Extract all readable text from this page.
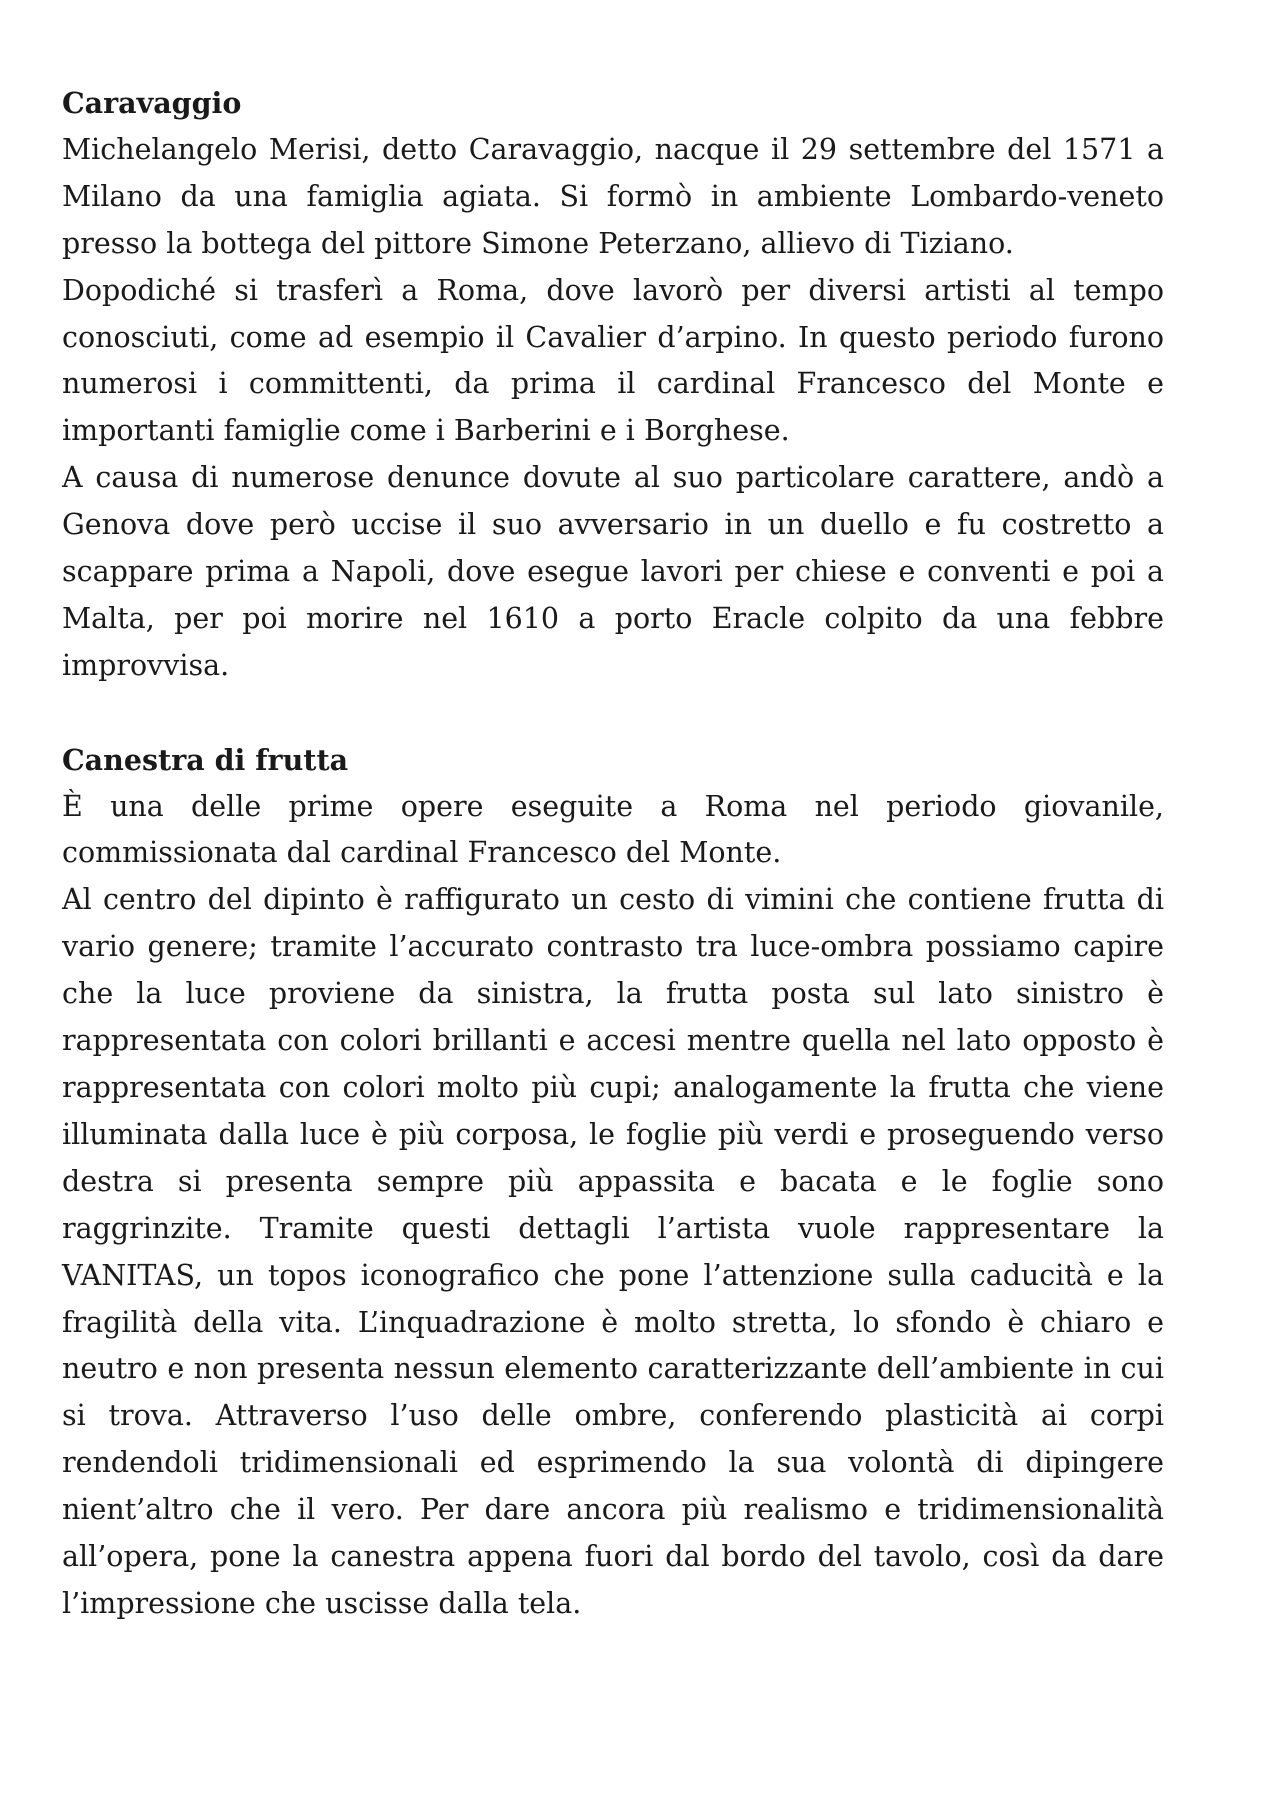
Caravaggio

Michelangelo Merisi, detto Caravaggio, nacque il 29 settembre del 1571 a Milano da una famiglia agiata. Si formò in ambiente Lombardo-veneto presso la bottega del pittore Simone Peterzano, allievo di Tiziano.

Dopodiché si trasferì a Roma, dove lavorò per diversi artisti al tempo conosciuti, come ad esempio il Cavalier d’arpino. In questo periodo furono numerosi i committenti, da prima il cardinal Francesco del Monte e importanti famiglie come i Barberini e i Borghese.

A causa di numerose denunce dovute al suo particolare carattere, andò a Genova dove però uccise il suo avversario in un duello e fu costretto a scappare prima a Napoli, dove esegue lavori per chiese e conventi e poi a Malta, per poi morire nel 1610 a porto Eracle colpito da una febbre improvvisa.

Canestra di frutta

È una delle prime opere eseguite a Roma nel periodo giovanile, commissionata dal cardinal Francesco del Monte.

Al centro del dipinto è raffigurato un cesto di vimini che contiene frutta di vario genere; tramite l’accurato contrasto tra luce-ombra possiamo capire che la luce proviene da sinistra, la frutta posta sul lato sinistro è rappresentata con colori brillanti e accesi mentre quella nel lato opposto è rappresentata con colori molto più cupi; analogamente la frutta che viene illuminata dalla luce è più corposa, le foglie più verdi e proseguendo verso destra si presenta sempre più appassita e bacata e le foglie sono raggrinzite. Tramite questi dettagli l’artista vuole rappresentare la VANITAS, un topos iconografico che pone l’attenzione sulla caducità e la fragilità della vita. L’inquadrazione è molto stretta, lo sfondo è chiaro e neutro e non presenta nessun elemento caratterizzante dell’ambiente in cui si trova. Attraverso l’uso delle ombre, conferendo plasticità ai corpi rendendoli tridimensionali ed esprimendo la sua volontà di dipingere nient’altro che il vero. Per dare ancora più realismo e tridimensionalità all’opera, pone la canestra appena fuori dal bordo del tavolo, così da dare l’impressione che uscisse dalla tela.
